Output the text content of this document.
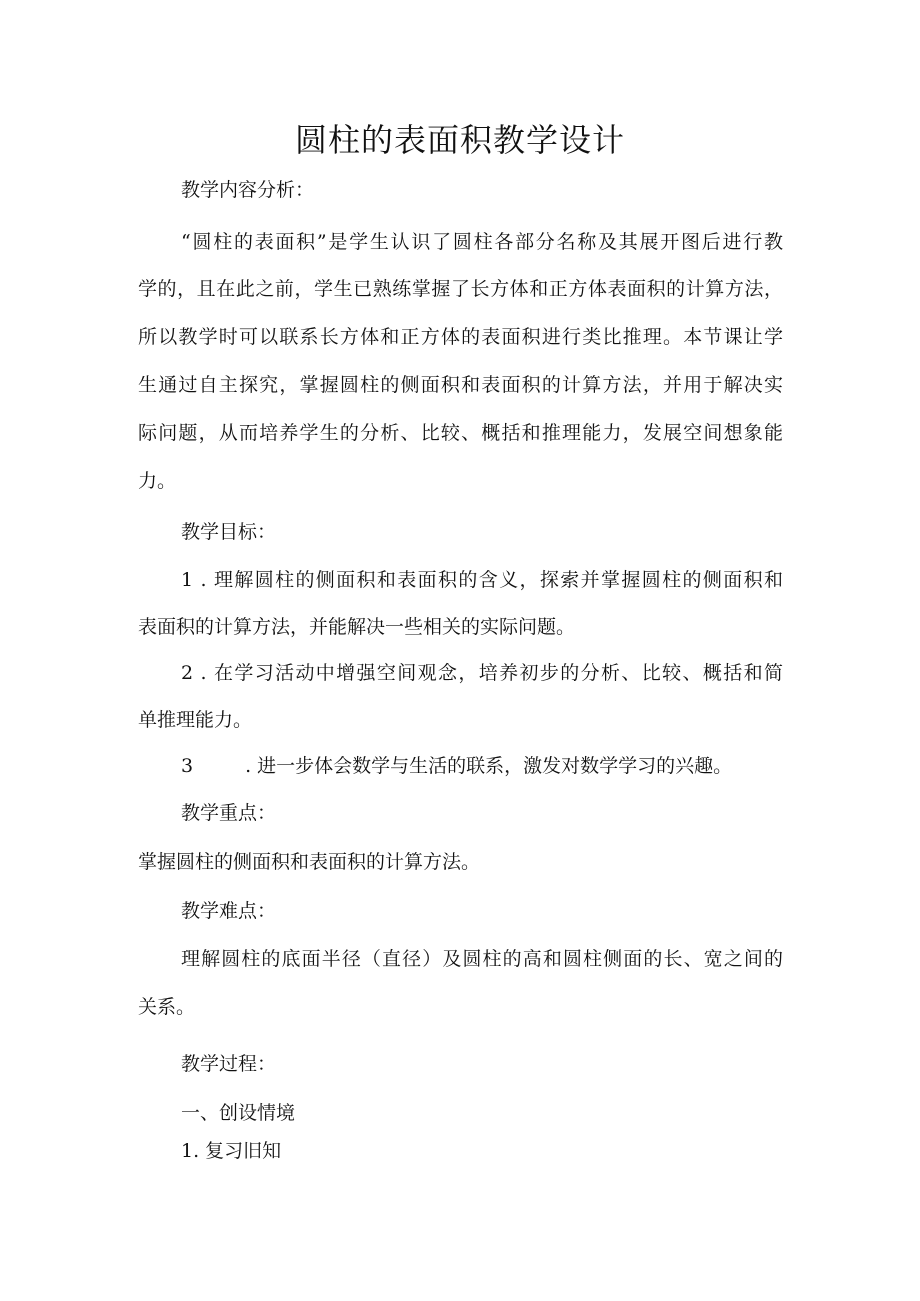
圆柱的表面积教学设计
教学内容分析：
“圆柱的表面积”是学生认识了圆柱各部分名称及其展开图后进行教
学的，且在此之前，学生已熟练掌握了长方体和正方体表面积的计算方法，
所以教学时可以联系长方体和正方体的表面积进行类比推理。本节课让学
生通过自主探究，掌握圆柱的侧面积和表面积的计算方法，并用于解决实
际问题，从而培养学生的分析、比较、概括和推理能力，发展空间想象能
力。
教学目标：
1 . 理解圆柱的侧面积和表面积的含义，探索并掌握圆柱的侧面积和
表面积的计算方法，并能解决一些相关的实际问题。
2 . 在学习活动中增强空间观念，培养初步的分析、比较、概括和简
单推理能力。
3	. 进一步体会数学与生活的联系，激发对数学学习的兴趣。
教学重点：
掌握圆柱的侧面积和表面积的计算方法。
教学难点：
理解圆柱的底面半径（直径）及圆柱的高和圆柱侧面的长、宽之间的
关系。
教学过程：
一、创设情境
1. 复习旧知
